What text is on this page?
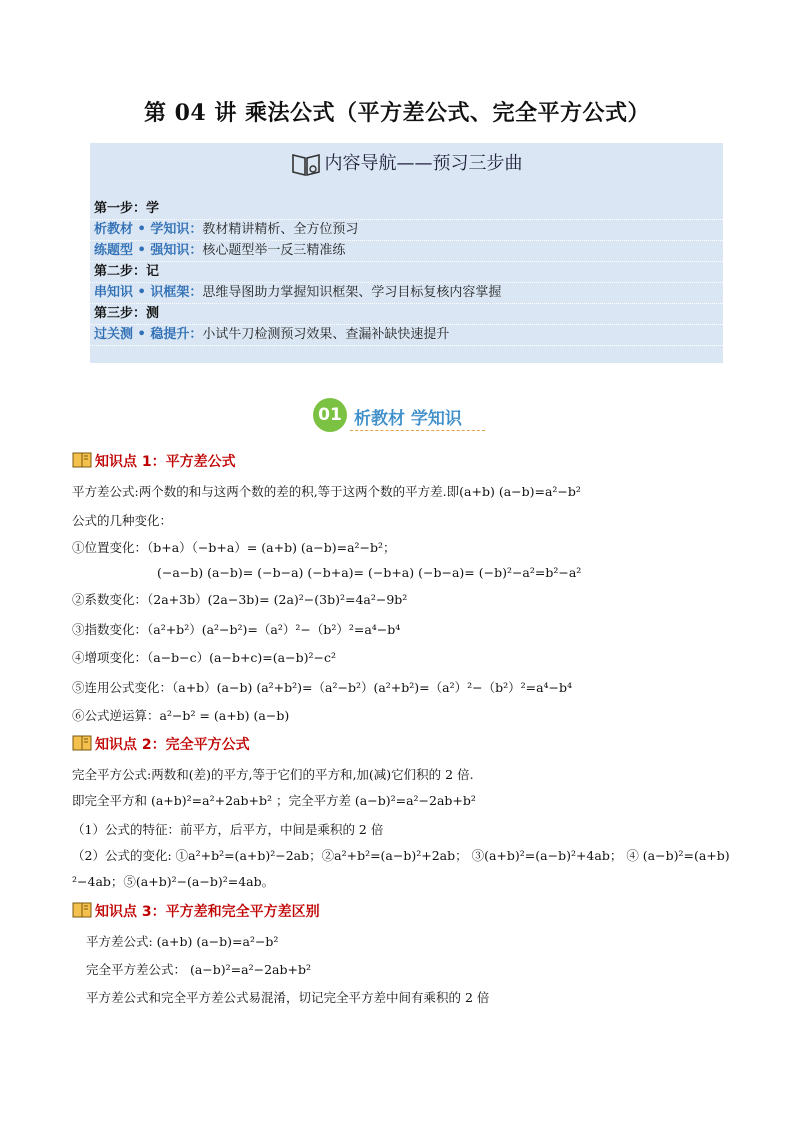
第 04 讲 乘法公式（平方差公式、完全平方公式）
内容导航——预习三步曲
第一步：学
析教材 • 学知识：教材精讲精析、全方位预习
练题型 • 强知识：核心题型举一反三精准练
第二步：记
串知识 • 识框架：思维导图助力掌握知识框架、学习目标复核内容掌握
第三步：测
过关测 • 稳提升：小试牛刀检测预习效果、查漏补缺快速提升
01 析教材 学知识
知识点 1：平方差公式
平方差公式:两个数的和与这两个数的差的积,等于这两个数的平方差.即(a+b) (a−b)=a²−b²
公式的几种变化：
①位置变化：（b+a）（−b+a）= (a+b) (a−b)=a²−b²；
(−a−b) (a−b)= (−b−a) (−b+a)= (−b+a) (−b−a)= (−b)²−a²=b²−a²
②系数变化：（2a+3b）(2a−3b)= (2a)²−(3b)²=4a²−9b²
③指数变化：（a²+b²）(a²−b²)=（a²）²−（b²）²=a⁴−b⁴
④增项变化：（a−b−c）(a−b+c)=(a−b)²−c²
⑤连用公式变化：（a+b）(a−b) (a²+b²)=（a²−b²）(a²+b²)=（a²）²−（b²）²=a⁴−b⁴
⑥公式逆运算：a²−b² = (a+b) (a−b)
知识点 2：完全平方公式
完全平方公式:两数和(差)的平方,等于它们的平方和,加(减)它们积的 2 倍.
即完全平方和 (a+b)²=a²+2ab+b² ；完全平方差 (a−b)²=a²−2ab+b²
（1）公式的特征：前平方，后平方，中间是乘积的 2 倍
（2）公式的变化: ①a²+b²=(a+b)²−2ab；②a²+b²=(a−b)²+2ab； ③(a+b)²=(a−b)²+4ab； ④ (a−b)²=(a+b)
²−4ab；⑤(a+b)²−(a−b)²=4ab。
知识点 3：平方差和完全平方差区别
平方差公式: (a+b) (a−b)=a²−b²
完全平方差公式： (a−b)²=a²−2ab+b²
平方差公式和完全平方差公式易混淆，切记完全平方差中间有乘积的 2 倍
